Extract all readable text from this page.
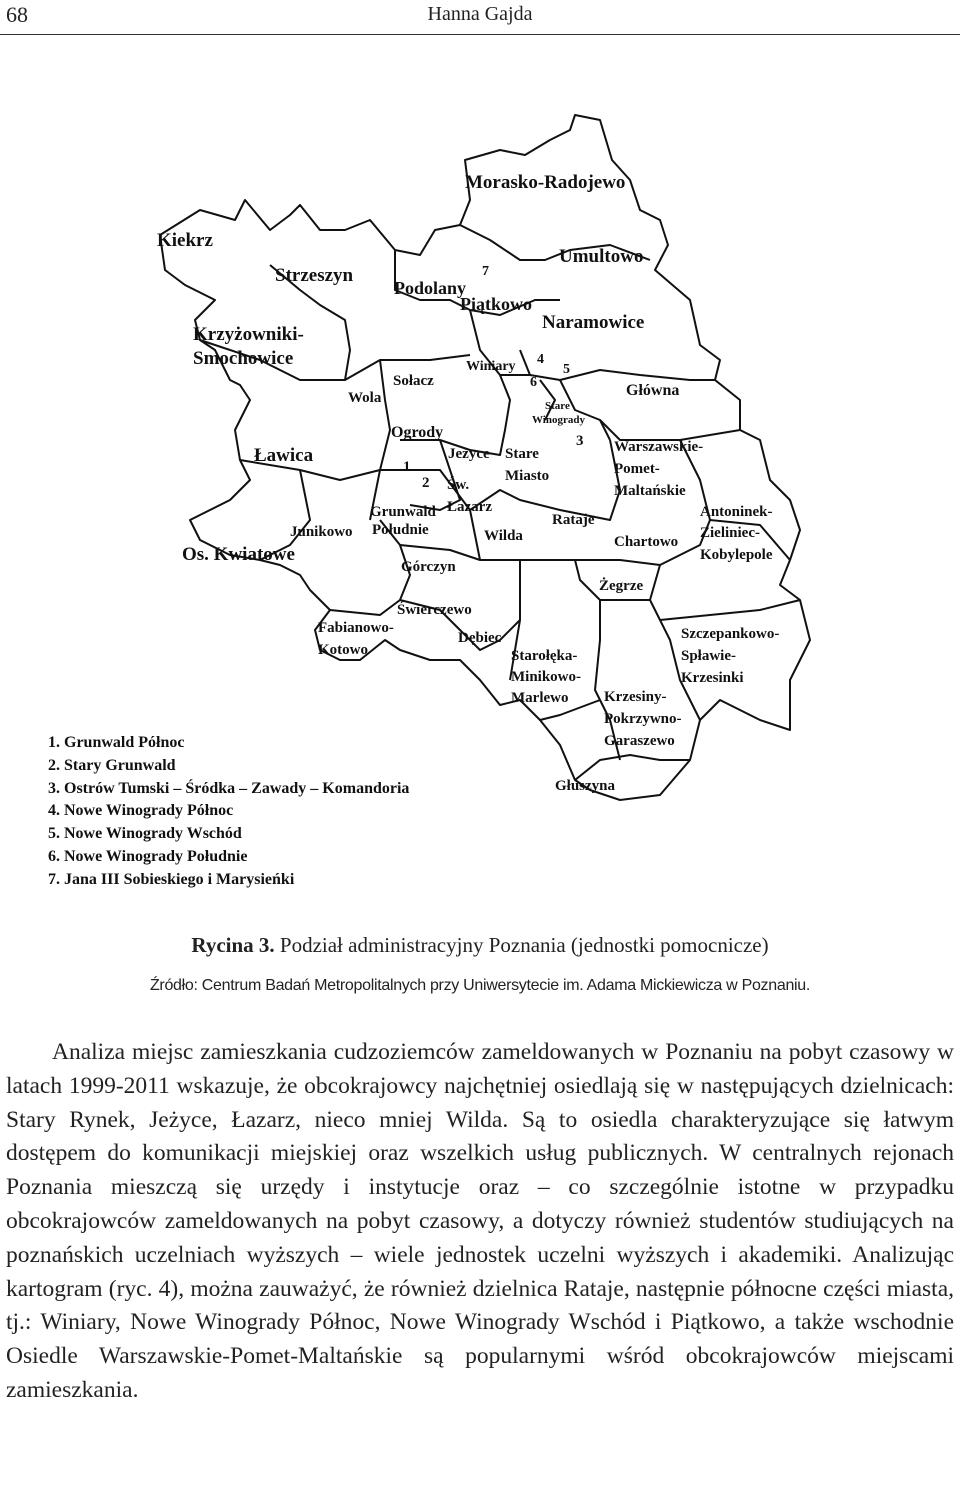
68	Hanna Gajda
Morasko-Radojewo
Kiekrz
Strzeszyn	7
Podolany
Umultowo
Piątkowo
Naramowice
Krzyżowniki-
Smochowice	Winiary 4
5
6
Sołacz
Wola	Stare
Winogrady
Główna
Ogrody	3
Ławica	Jeżyce Stare
Miasto
Warszawskie-
Pomet-
Maltańskie
1
2 Św.
Łazarz	Antoninek-
Zieliniec-
Kobylepole
Grunwald
Południe
Junikowo
Rataje
Wilda	Chartowo
Os. Kwiatowe
Górczyn
Żegrze
Świerczewo
Fabianowo-
Kotowo
Szczepankowo-
Spławie-
Krzesinki
Dębiec
Starołęka-
Minikowo-
Marlewo Krzesiny-
Pokrzywno-
Garaszewo
Głuszyna
1. Grunwald Północ
2. Stary Grunwald
3. Ostrów Tumski – Śródka – Zawady – Komandoria
4. Nowe Winogrady Północ
5. Nowe Winogrady Wschód
6. Nowe Winogrady Południe
7. Jana III Sobieskiego i Marysieńki
Rycina 3. Podział administracyjny Poznania (jednostki pomocnicze)
Źródło: Centrum Badań Metropolitalnych przy Uniwersytecie im. Adama Mickiewicza w Poznaniu.

Analiza miejsc zamieszkania cudzoziemców zameldowanych w Poznaniu na pobyt czasowy w latach 1999-2011 wskazuje, że obcokrajowcy najchętniej osiedlają się w następujących dzielnicach: Stary Rynek, Jeżyce, Łazarz, nieco mniej Wilda. Są to osiedla charakteryzujące się łatwym dostępem do komunikacji miejskiej oraz wszelkich usług publicznych. W centralnych rejonach Poznania mieszczą się urzędy i instytucje oraz – co szczególnie istotne w przypadku obcokrajowców zameldowanych na pobyt czasowy, a dotyczy również studentów studiujących na poznańskich uczelniach wyższych – wiele jednostek uczelni wyższych i akademiki. Analizując kartogram (ryc. 4), można zauważyć, że również dzielnica Rataje, następnie północne części miasta, tj.: Winiary, Nowe Winogrady Północ, Nowe Winogrady Wschód i Piątkowo, a także wschodnie Osiedle Warszawskie-Pomet-Maltańskie są popularnymi wśród obcokrajowców miejscami zamieszkania.
